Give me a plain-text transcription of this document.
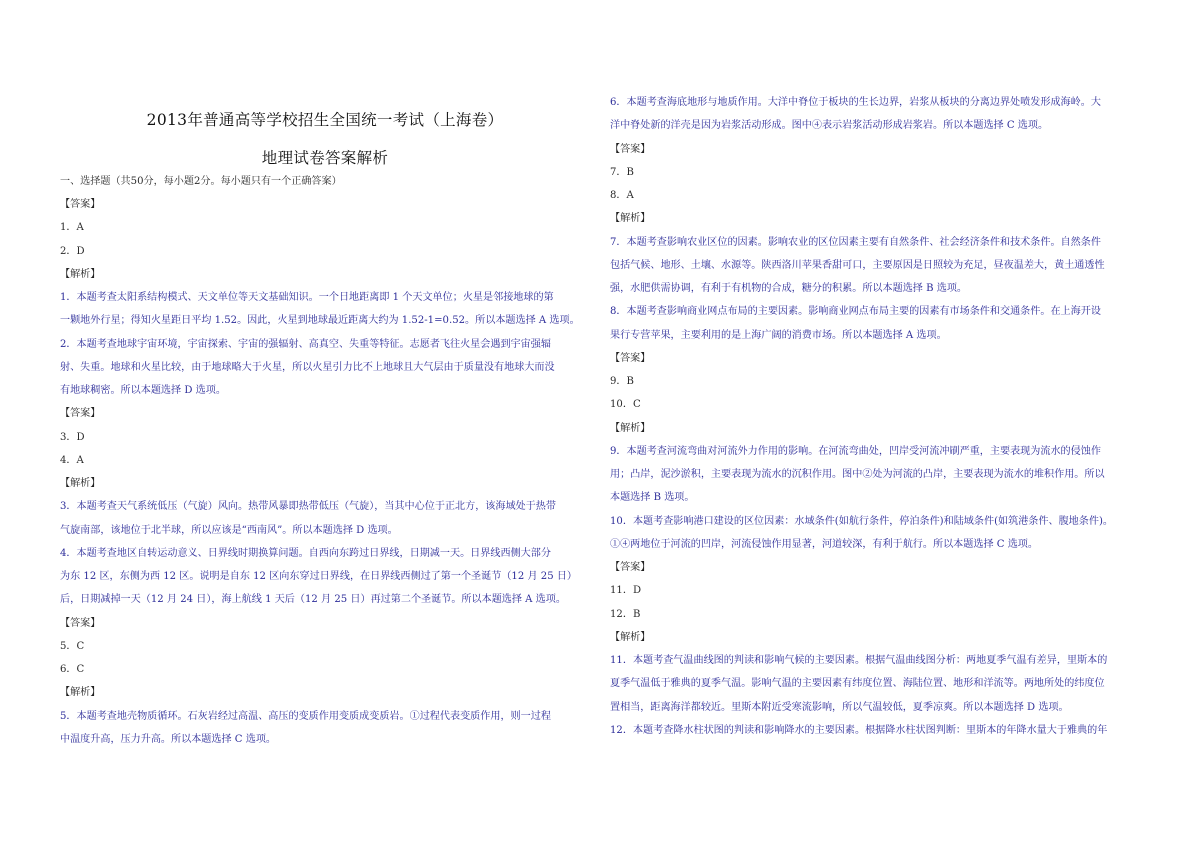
2013年普通高等学校招生全国统一考试（上海卷）
地理试卷答案解析
一、选择题（共50分，每小题2分。每小题只有一个正确答案）
【答案】
1．A
2．D
【解析】
1．本题考查太阳系结构模式、天文单位等天文基础知识。一个日地距离即 1 个天文单位；火星是邻接地球的第
一颗地外行星；得知火星距日平均 1.52。因此，火星到地球最近距离大约为 1.52-1=0.52。所以本题选择 A 选项。
2．本题考查地球宇宙环境，宇宙探索、宇宙的强辐射、高真空、失重等特征。志愿者飞往火星会遇到宇宙强辐
射、失重。地球和火星比较，由于地球略大于火星，所以火星引力比不上地球且大气层由于质量没有地球大而没
有地球稠密。所以本题选择 D 选项。
【答案】
3．D
4．A
【解析】
3．本题考查天气系统低压（气旋）风向。热带风暴即热带低压（气旋），当其中心位于正北方，该海域处于热带
气旋南部，该地位于北半球，所以应该是“西南风”。所以本题选择 D 选项。
4．本题考查地区自转运动意义、日界线时期换算问题。自西向东跨过日界线，日期减一天。日界线西侧大部分
为东 12 区，东侧为西 12 区。说明是自东 12 区向东穿过日界线，在日界线西侧过了第一个圣诞节（12 月 25 日）
后，日期减掉一天（12 月 24 日），海上航线 1 天后（12 月 25 日）再过第二个圣诞节。所以本题选择 A 选项。
【答案】
5．C
6．C
【解析】
5．本题考查地壳物质循环。石灰岩经过高温、高压的变质作用变质成变质岩。①过程代表变质作用，则一过程
中温度升高，压力升高。所以本题选择 C 选项。
6．本题考查海底地形与地质作用。大洋中脊位于板块的生长边界，岩浆从板块的分离边界处喷发形成海岭。大
洋中脊处新的洋壳是因为岩浆活动形成。图中④表示岩浆活动形成岩浆岩。所以本题选择 C 选项。
【答案】
7．B
8．A
【解析】
7．本题考查影响农业区位的因素。影响农业的区位因素主要有自然条件、社会经济条件和技术条件。自然条件
包括气候、地形、土壤、水源等。陕西洛川苹果香甜可口，主要原因是日照较为充足，昼夜温差大，黄土通透性
强，水肥供需协调，有利于有机物的合成，糖分的积累。所以本题选择 B 选项。
8．本题考查影响商业网点布局的主要因素。影响商业网点布局主要的因素有市场条件和交通条件。在上海开设
果行专营苹果，主要利用的是上海广阔的消费市场。所以本题选择 A 选项。
【答案】
9．B
10．C
【解析】
9．本题考查河流弯曲对河流外力作用的影响。在河流弯曲处，凹岸受河流冲刷严重，主要表现为流水的侵蚀作
用；凸岸，泥沙淤积，主要表现为流水的沉积作用。图中②处为河流的凸岸，主要表现为流水的堆积作用。所以
本题选择 B 选项。
10．本题考查影响港口建设的区位因素：水域条件(如航行条件，停泊条件)和陆域条件(如筑港条件、腹地条件)。
①④两地位于河流的凹岸，河流侵蚀作用显著，河道较深，有利于航行。所以本题选择 C 选项。
【答案】
11．D
12．B
【解析】
11．本题考查气温曲线图的判读和影响气候的主要因素。根据气温曲线图分析：两地夏季气温有差异，里斯本的
夏季气温低于雅典的夏季气温。影响气温的主要因素有纬度位置、海陆位置、地形和洋流等。两地所处的纬度位
置相当，距离海洋都较近。里斯本附近受寒流影响，所以气温较低，夏季凉爽。所以本题选择 D 选项。
12．本题考查降水柱状图的判读和影响降水的主要因素。根据降水柱状图判断：里斯本的年降水量大于雅典的年
